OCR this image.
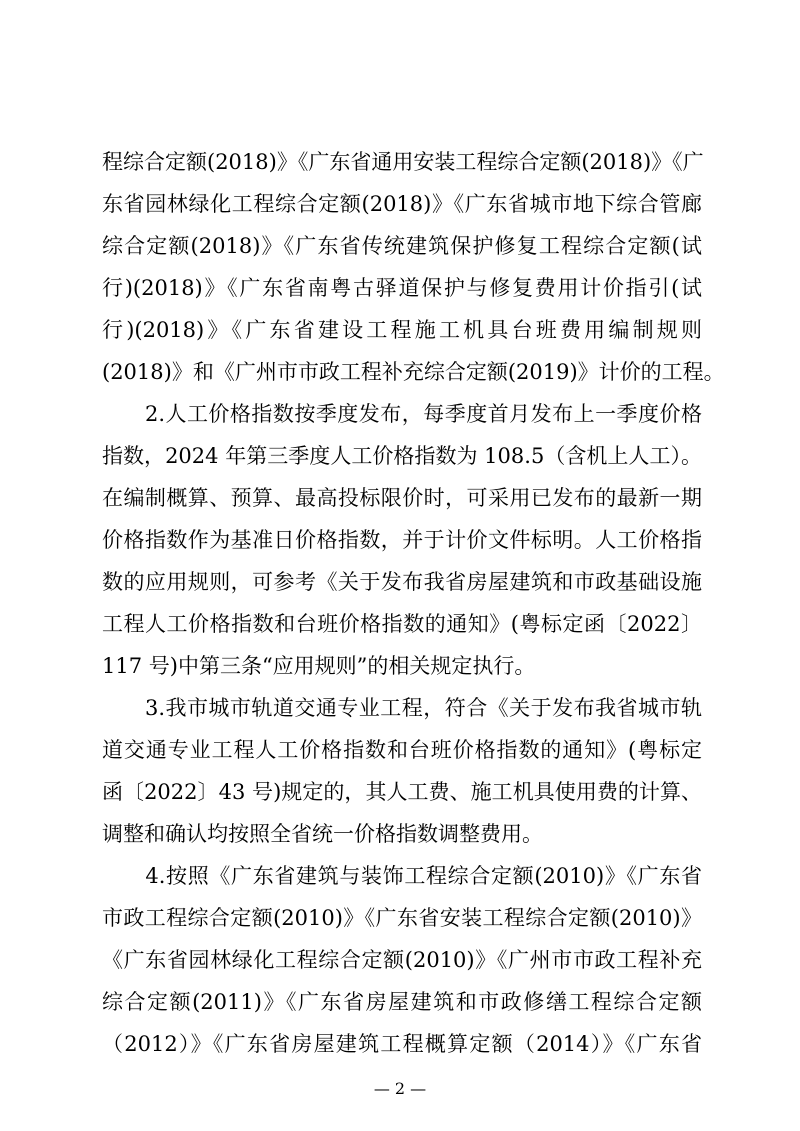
程综合定额(2018)》《广东省通用安装工程综合定额(2018)》《广
东省园林绿化工程综合定额(2018)》《广东省城市地下综合管廊
综合定额(2018)》《广东省传统建筑保护修复工程综合定额(试
行)(2018)》《广东省南粤古驿道保护与修复费用计价指引(试
行)(2018)》《广东省建设工程施工机具台班费用编制规则
(2018)》和《广州市市政工程补充综合定额(2019)》计价的工程。
　　2.人工价格指数按季度发布，每季度首月发布上一季度价格
指数，2024 年第三季度人工价格指数为 108.5（含机上人工）。
在编制概算、预算、最高投标限价时，可采用已发布的最新一期
价格指数作为基准日价格指数，并于计价文件标明。人工价格指
数的应用规则，可参考《关于发布我省房屋建筑和市政基础设施
工程人工价格指数和台班价格指数的通知》(粤标定函〔2022〕
117 号)中第三条“应用规则”的相关规定执行。
　　3.我市城市轨道交通专业工程，符合《关于发布我省城市轨
道交通专业工程人工价格指数和台班价格指数的通知》(粤标定
函〔2022〕43 号)规定的，其人工费、施工机具使用费的计算、
调整和确认均按照全省统一价格指数调整费用。
　　4.按照《广东省建筑与装饰工程综合定额(2010)》《广东省
市政工程综合定额(2010)》《广东省安装工程综合定额(2010)》
《广东省园林绿化工程综合定额(2010)》《广州市市政工程补充
综合定额(2011)》《广东省房屋建筑和市政修缮工程综合定额
（2012）》《广东省房屋建筑工程概算定额（2014）》《广东省
— 2 —
